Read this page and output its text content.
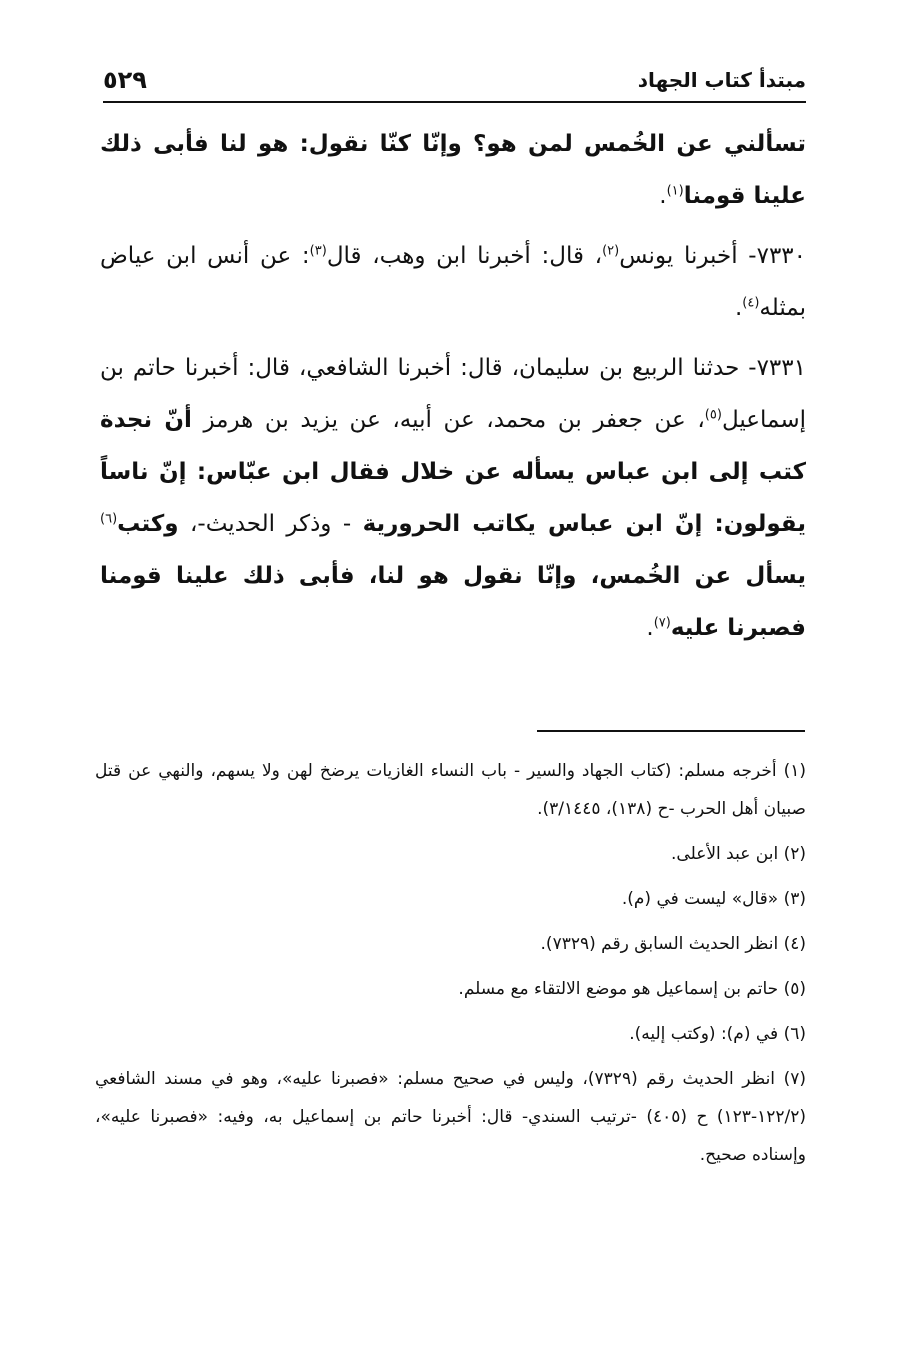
٥٢٩	مبتدأ كتاب الجهاد

تسألني عن الخُمس لمن هو؟ وإنّا كنّا نقول: هو لنا فأبى ذلك علينا قومنا$^{(١)}$.

٧٣٣٠- أخبرنا يونس$^{(٢)}$، قال: أخبرنا ابن وهب، قال$^{(٣)}$: عن أنس ابن عياض بمثله$^{(٤)}$.

٧٣٣١- حدثنا الربيع بن سليمان، قال: أخبرنا الشافعي، قال: أخبرنا حاتم بن إسماعيل$^{(٥)}$، عن جعفر بن محمد، عن أبيه، عن يزيد بن هرمز أنّ نجدة كتب إلى ابن عباس يسأله عن خلال فقال ابن عبّاس: إنّ ناساً يقولون: إنّ ابن عباس يكاتب الحرورية - وذكر الحديث-، وكتب$^{(٦)}$ يسأل عن الخُمس، وإنّا نقول هو لنا، فأبى ذلك علينا قومنا فصبرنا عليه$^{(٧)}$.

(١) أخرجه مسلم: (كتاب الجهاد والسير - باب النساء الغازيات يرضخ لهن ولا يسهم، والنهي عن قتل صبيان أهل الحرب -ح (١٣٨)، ٣/١٤٤٥).

(٢) ابن عبد الأعلى.

(٣) «قال» ليست في (م).

(٤) انظر الحديث السابق رقم (٧٣٢٩).

(٥) حاتم بن إسماعيل هو موضع الالتقاء مع مسلم.

(٦) في (م): (وكتب إليه).

(٧) انظر الحديث رقم (٧٣٢٩)، وليس في صحيح مسلم: «فصبرنا عليه»، وهو في مسند الشافعي (١٢٢/٢-١٢٣) ح (٤٠٥) -ترتيب السندي- قال: أخبرنا حاتم بن إسماعيل به، وفيه: «فصبرنا عليه»، وإسناده صحيح.
